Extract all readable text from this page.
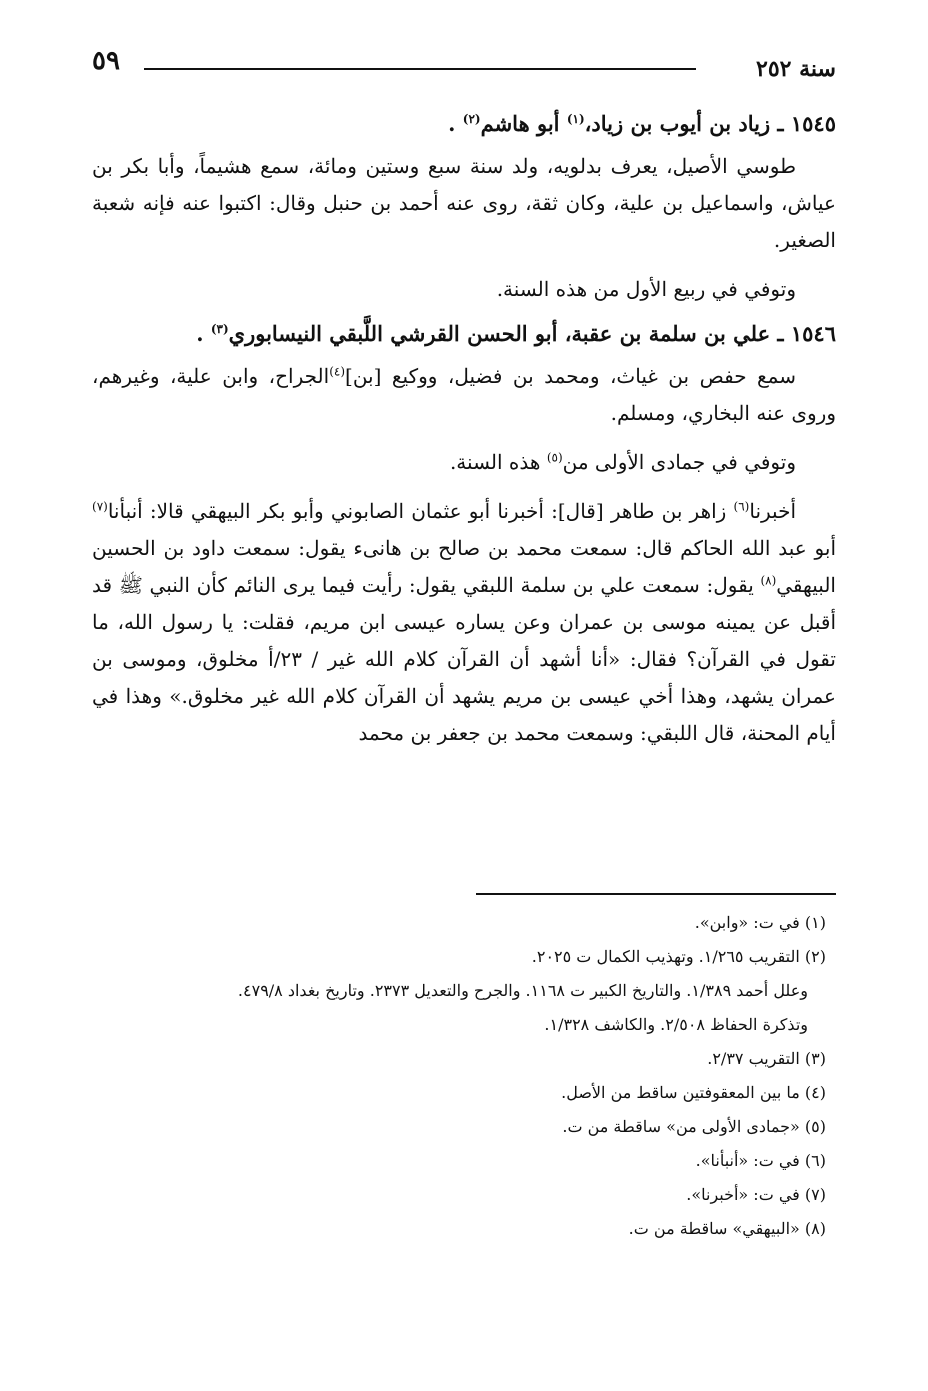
سنة ٢٥٢
٥٩

١٥٤٥ ـ زياد بن أيوب بن زياد،$^{(١)}$ أبو هاشم$^{(٢)}$ .

طوسي الأصيل، يعرف بدلويه، ولد سنة سبع وستين ومائة، سمع هشيماً، وأبا بكر بن عياش، واسماعيل بن علية، وكان ثقة، روى عنه أحمد بن حنبل وقال: اكتبوا عنه فإنه شعبة الصغير.

وتوفي في ربيع الأول من هذه السنة.

١٥٤٦ ـ علي بن سلمة بن عقبة، أبو الحسن القرشي اللَّبقي النيسابوري$^{(٣)}$ .

سمع حفص بن غياث، ومحمد بن فضيل، ووكيع [بن]$^{(٤)}$الجراح، وابن علية، وغيرهم، وروى عنه البخاري، ومسلم.

وتوفي في جمادى الأولى من$^{(٥)}$ هذه السنة.

أخبرنا$^{(٦)}$ زاهر بن طاهر [قال]: أخبرنا أبو عثمان الصابوني وأبو بكر البيهقي قالا: أنبأنا$^{(٧)}$ أبو عبد الله الحاكم قال: سمعت محمد بن صالح بن هانىء يقول: سمعت داود بن الحسين البيهقي$^{(٨)}$ يقول: سمعت علي بن سلمة اللبقي يقول: رأيت فيما يرى النائم كأن النبي ﷺ قد أقبل عن يمينه موسى بن عمران وعن يساره عيسى ابن مريم، فقلت: يا رسول الله، ما تقول في القرآن؟ فقال: «أنا أشهد أن القرآن كلام الله غير / ٢٣/أ مخلوق، وموسى بن عمران يشهد، وهذا أخي عيسى بن مريم يشهد أن القرآن كلام الله غير مخلوق.» وهذا في أيام المحنة، قال اللبقي: وسمعت محمد بن جعفر بن محمد

(١) في ت: «وابن».

(٢) التقريب ١/٢٦٥. وتهذيب الكمال ت ٢٠٢٥.

وعلل أحمد ١/٣٨٩. والتاريخ الكبير ت ١١٦٨. والجرح والتعديل ٢٣٧٣. وتاريخ بغداد ٤٧٩/٨.

وتذكرة الحفاظ ٢/٥٠٨. والكاشف ١/٣٢٨.

(٣) التقريب ٢/٣٧.

(٤) ما بين المعقوفتين ساقط من الأصل.

(٥) «جمادى الأولى من» ساقطة من ت.

(٦) في ت: «أنبأنا».

(٧) في ت: «أخبرنا».

(٨) «البيهقي» ساقطة من ت.
